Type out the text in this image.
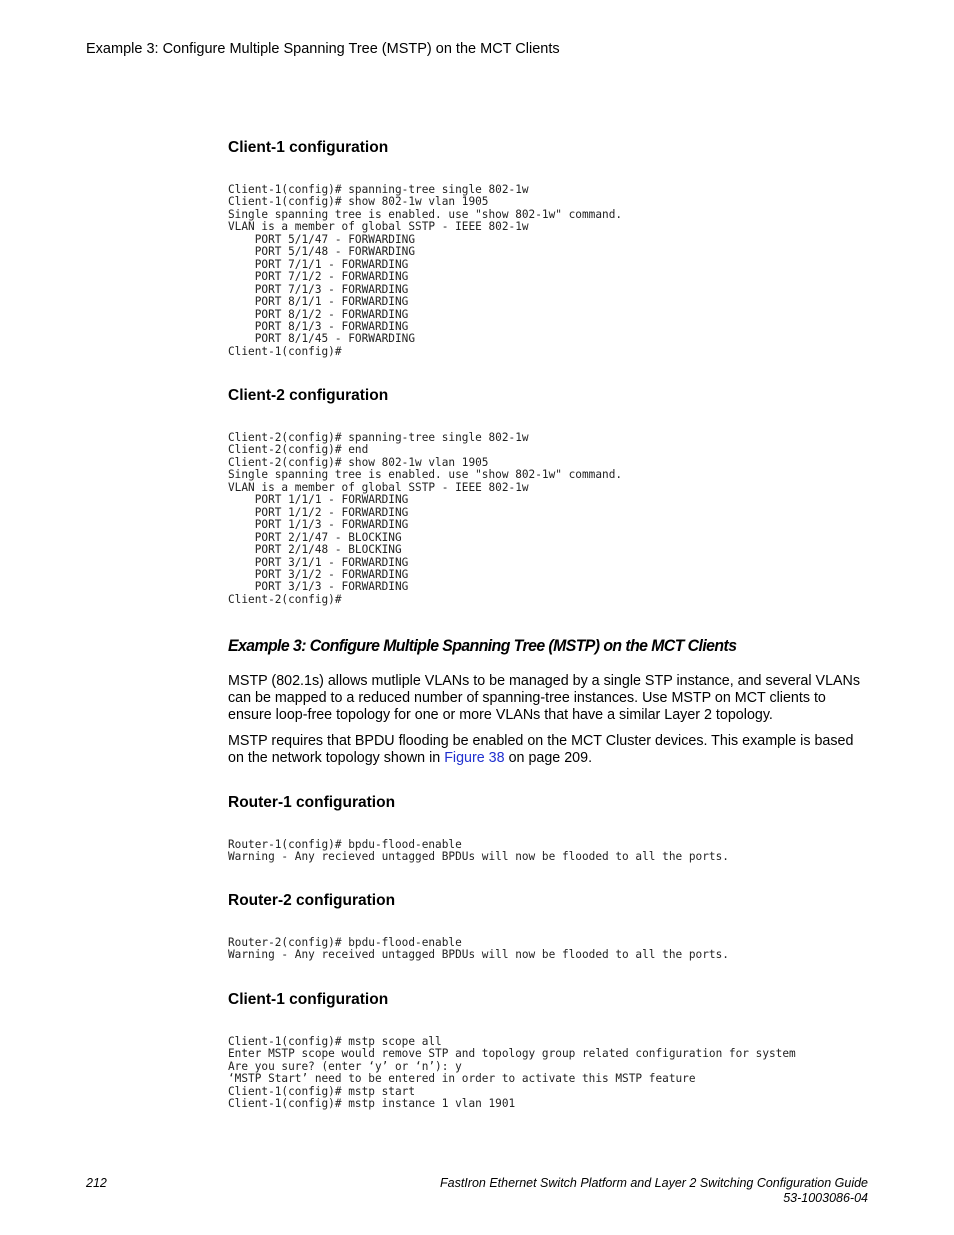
Example 3: Configure Multiple Spanning Tree (MSTP) on the MCT Clients
Client-1 configuration
Client-1(config)# spanning-tree single 802-1w
Client-1(config)# show 802-1w vlan 1905
Single spanning tree is enabled. use "show 802-1w" command.
VLAN is a member of global SSTP - IEEE 802-1w
PORT 5/1/47 - FORWARDING
PORT 5/1/48 - FORWARDING
PORT 7/1/1 - FORWARDING
PORT 7/1/2 - FORWARDING
PORT 7/1/3 - FORWARDING
PORT 8/1/1 - FORWARDING
PORT 8/1/2 - FORWARDING
PORT 8/1/3 - FORWARDING
PORT 8/1/45 - FORWARDING
Client-1(config)#
Client-2 configuration
Client-2(config)# spanning-tree single 802-1w
Client-2(config)# end
Client-2(config)# show 802-1w vlan 1905
Single spanning tree is enabled. use "show 802-1w" command.
VLAN is a member of global SSTP - IEEE 802-1w
PORT 1/1/1 - FORWARDING
PORT 1/1/2 - FORWARDING
PORT 1/1/3 - FORWARDING
PORT 2/1/47 - BLOCKING
PORT 2/1/48 - BLOCKING
PORT 3/1/1 - FORWARDING
PORT 3/1/2 - FORWARDING
PORT 3/1/3 - FORWARDING
Client-2(config)#
Example 3: Configure Multiple Spanning Tree (MSTP) on the MCT Clients

MSTP (802.1s) allows mutliple VLANs to be managed by a single STP instance, and several VLANs can be mapped to a reduced number of spanning-tree instances. Use MSTP on MCT clients to ensure loop-free topology for one or more VLANs that have a similar Layer 2 topology.

MSTP requires that BPDU flooding be enabled on the MCT Cluster devices. This example is based on the network topology shown in Figure 38 on page 209.

Router-1 configuration
Router-1(config)# bpdu-flood-enable
Warning - Any recieved untagged BPDUs will now be flooded to all the ports.
Router-2 configuration
Router-2(config)# bpdu-flood-enable
Warning - Any received untagged BPDUs will now be flooded to all the ports.
Client-1 configuration
Client-1(config)# mstp scope all
Enter MSTP scope would remove STP and topology group related configuration for system
Are you sure? (enter ‘y’ or ‘n’): y
‘MSTP Start’ need to be entered in order to activate this MSTP feature
Client-1(config)# mstp start
Client-1(config)# mstp instance 1 vlan 1901
212	FastIron Ethernet Switch Platform and Layer 2 Switching Configuration Guide
53-1003086-04
